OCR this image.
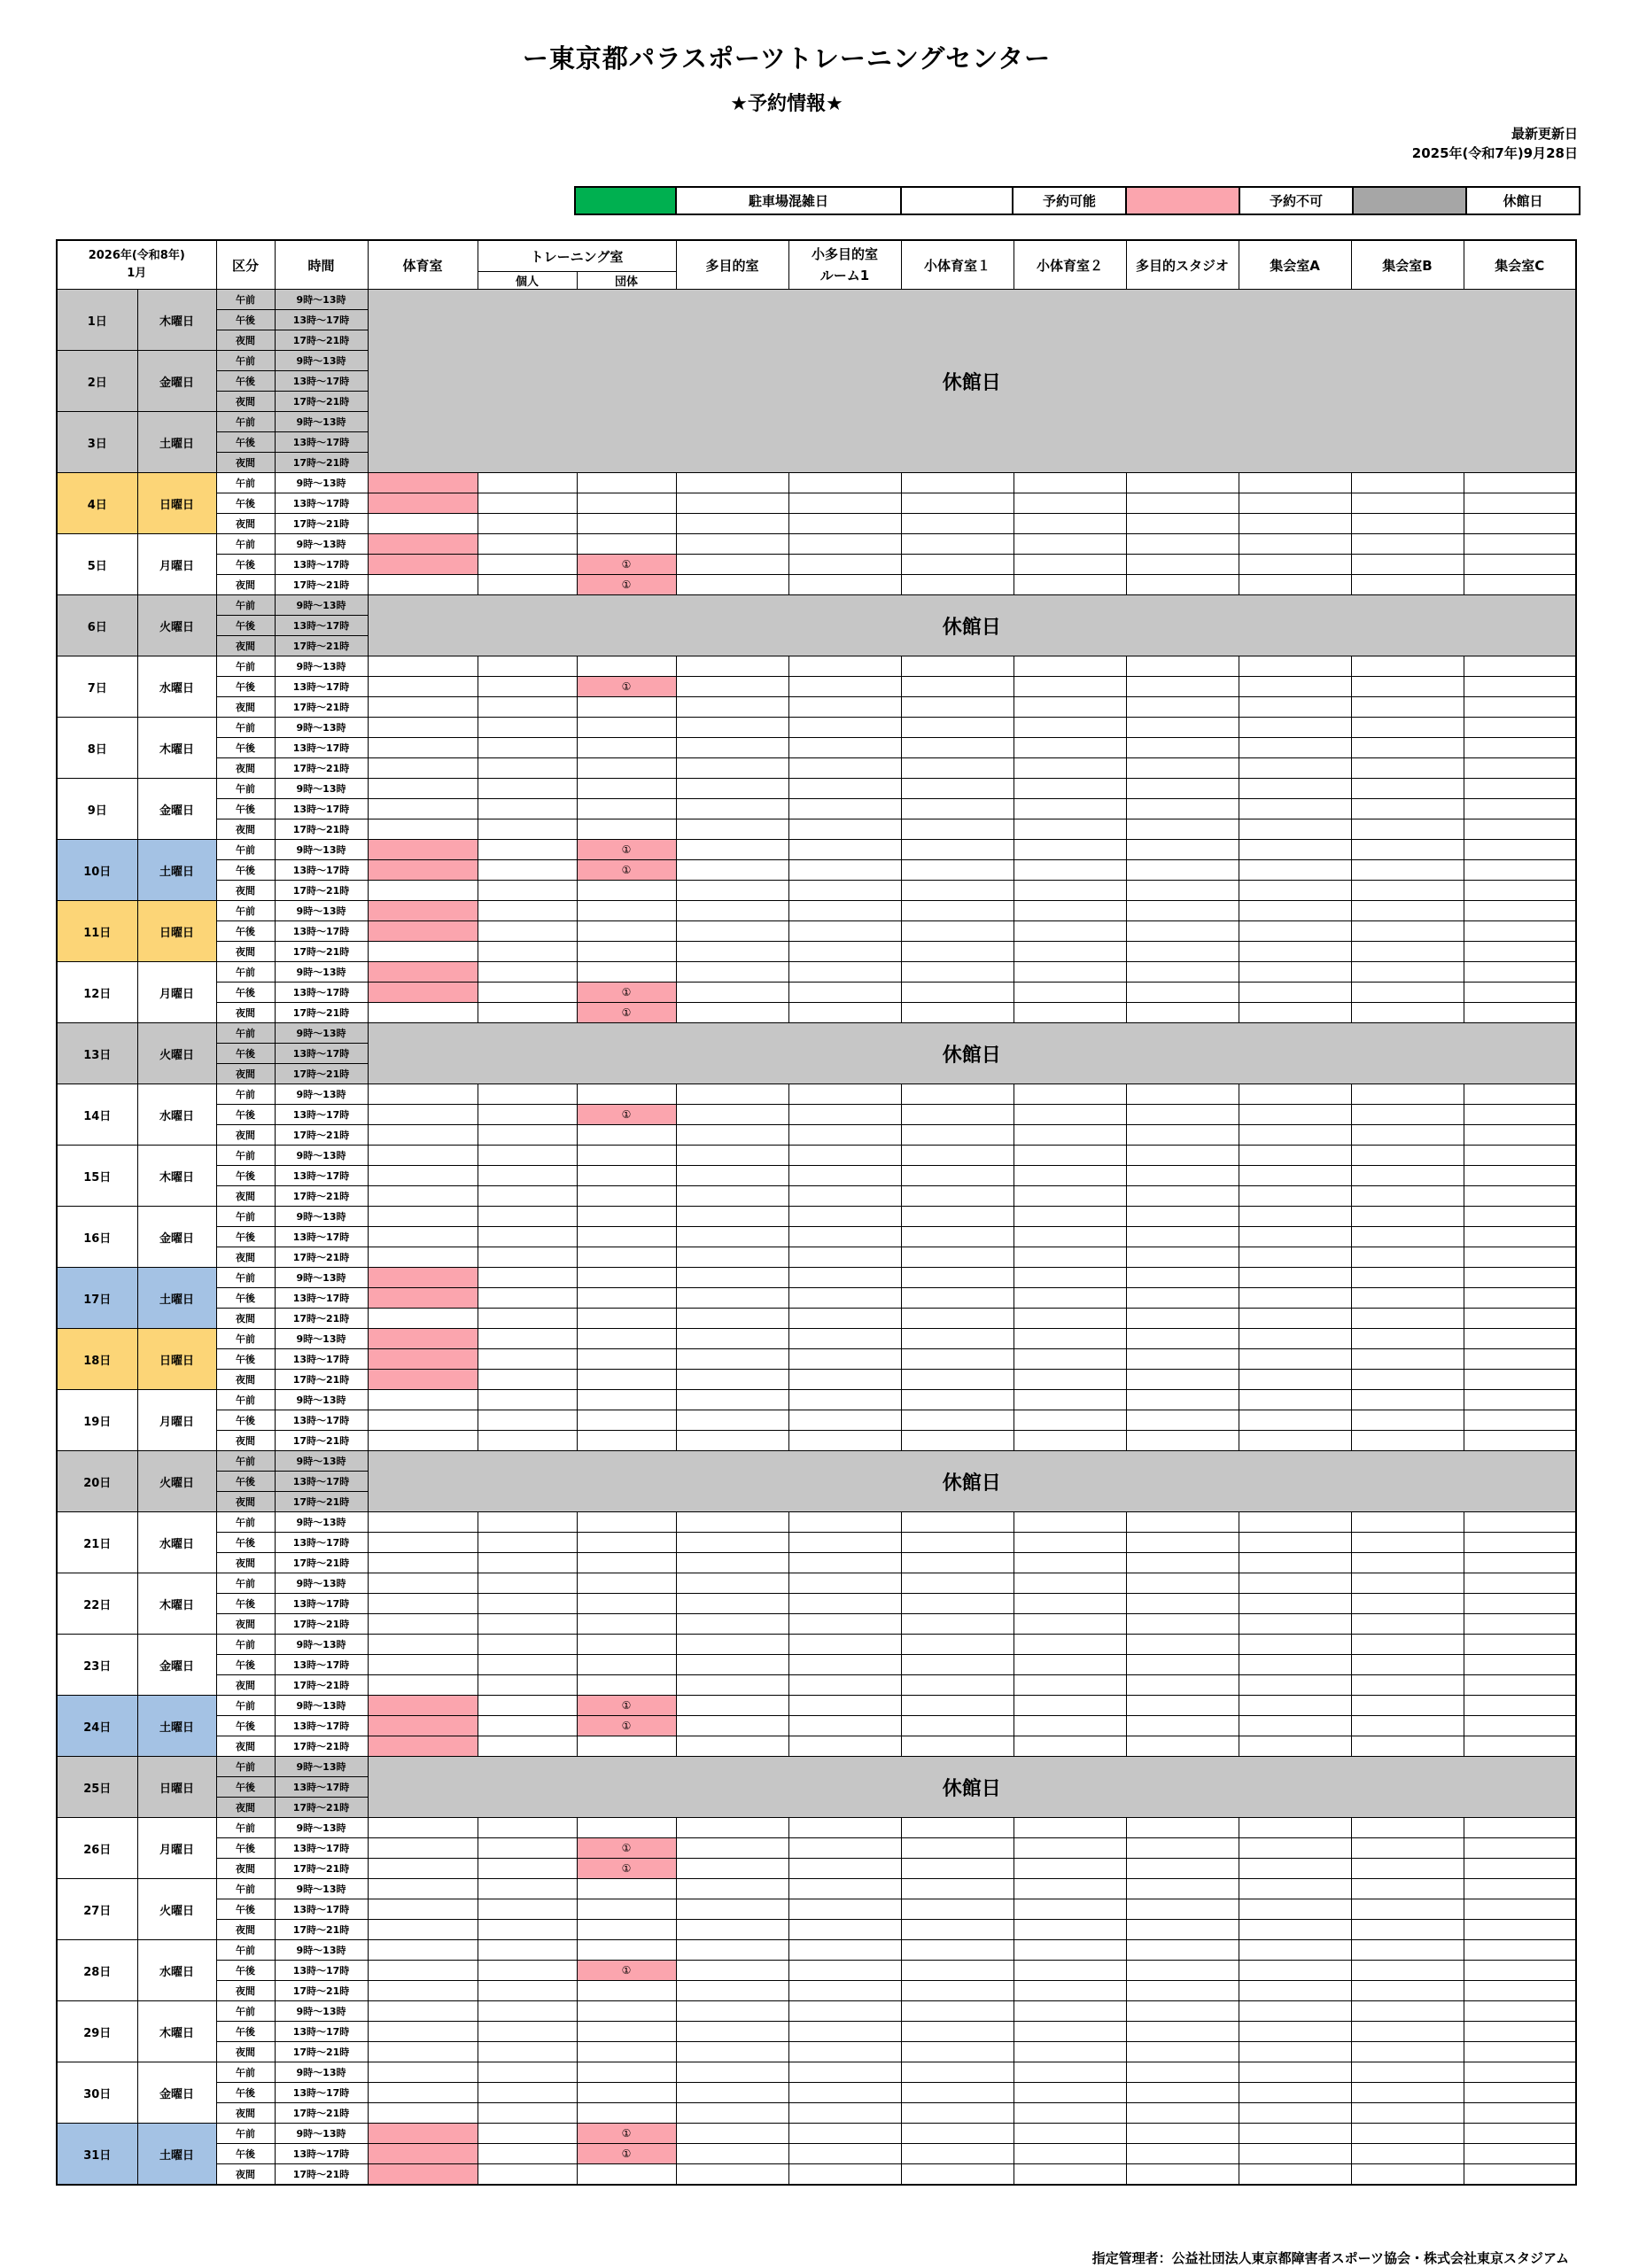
ー東京都パラスポーツトレーニングセンター
★予約情報★
最新更新日
2025年(令和7年)9月28日
	駐車場混雑日		予約可能		予約不可		休館日
2026年(令和8年)
1月		区分	時間	体育室	トレーニング室		多目的室	小多目的室
ルーム1	小体育室１	小体育室２	多目的スタジオ	集会室A	集会室B	集会室C
					個人	団体								
1日	木曜日	午前	9時～13時	休館日										
		午後	13時～17時											
		夜間	17時～21時											
2日	金曜日	午前	9時～13時											
		午後	13時～17時											
		夜間	17時～21時											
3日	土曜日	午前	9時～13時											
		午後	13時～17時											
		夜間	17時～21時											
4日	日曜日	午前	9時～13時											
		午後	13時～17時											
		夜間	17時～21時											
5日	月曜日	午前	9時～13時											
		午後	13時～17時			①								
		夜間	17時～21時			①								
6日	火曜日	午前	9時～13時	休館日										
		午後	13時～17時											
		夜間	17時～21時											
7日	水曜日	午前	9時～13時											
		午後	13時～17時			①								
		夜間	17時～21時											
8日	木曜日	午前	9時～13時											
		午後	13時～17時											
		夜間	17時～21時											
9日	金曜日	午前	9時～13時											
		午後	13時～17時											
		夜間	17時～21時											
10日	土曜日	午前	9時～13時			①								
		午後	13時～17時			①								
		夜間	17時～21時											
11日	日曜日	午前	9時～13時											
		午後	13時～17時											
		夜間	17時～21時											
12日	月曜日	午前	9時～13時											
		午後	13時～17時			①								
		夜間	17時～21時			①								
13日	火曜日	午前	9時～13時	休館日										
		午後	13時～17時											
		夜間	17時～21時											
14日	水曜日	午前	9時～13時											
		午後	13時～17時			①								
		夜間	17時～21時											
15日	木曜日	午前	9時～13時											
		午後	13時～17時											
		夜間	17時～21時											
16日	金曜日	午前	9時～13時											
		午後	13時～17時											
		夜間	17時～21時											
17日	土曜日	午前	9時～13時											
		午後	13時～17時											
		夜間	17時～21時											
18日	日曜日	午前	9時～13時											
		午後	13時～17時											
		夜間	17時～21時											
19日	月曜日	午前	9時～13時											
		午後	13時～17時											
		夜間	17時～21時											
20日	火曜日	午前	9時～13時	休館日										
		午後	13時～17時											
		夜間	17時～21時											
21日	水曜日	午前	9時～13時											
		午後	13時～17時											
		夜間	17時～21時											
22日	木曜日	午前	9時～13時											
		午後	13時～17時											
		夜間	17時～21時											
23日	金曜日	午前	9時～13時											
		午後	13時～17時											
		夜間	17時～21時											
24日	土曜日	午前	9時～13時			①								
		午後	13時～17時			①								
		夜間	17時～21時											
25日	日曜日	午前	9時～13時	休館日										
		午後	13時～17時											
		夜間	17時～21時											
26日	月曜日	午前	9時～13時											
		午後	13時～17時			①								
		夜間	17時～21時			①								
27日	火曜日	午前	9時～13時											
		午後	13時～17時											
		夜間	17時～21時											
28日	水曜日	午前	9時～13時											
		午後	13時～17時			①								
		夜間	17時～21時											
29日	木曜日	午前	9時～13時											
		午後	13時～17時											
		夜間	17時～21時											
30日	金曜日	午前	9時～13時											
		午後	13時～17時											
		夜間	17時～21時											
31日	土曜日	午前	9時～13時			①								
		午後	13時～17時			①								
		夜間	17時～21時											
指定管理者：公益社団法人東京都障害者スポーツ協会・株式会社東京スタジアム
